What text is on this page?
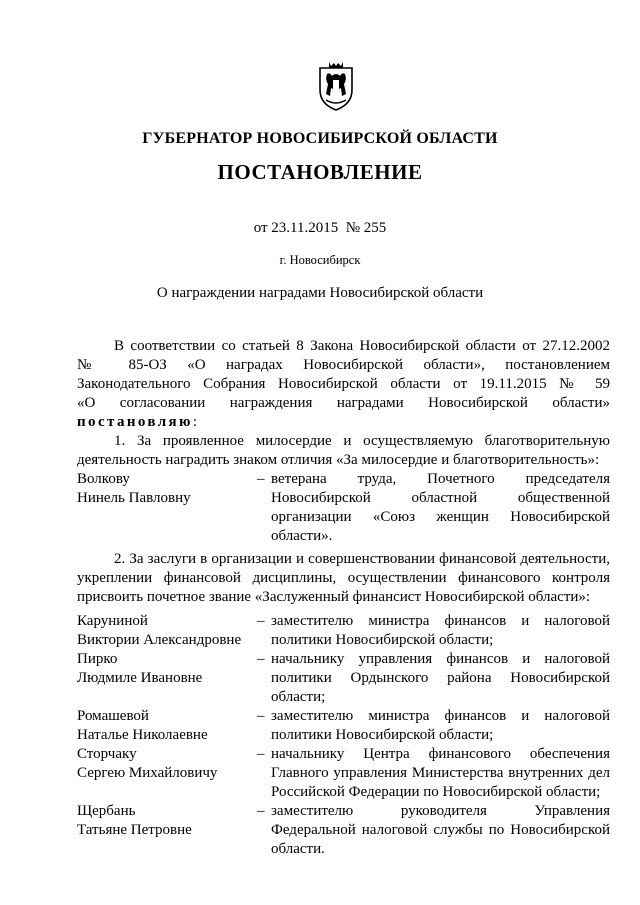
ГУБЕРНАТОР НОВОСИБИРСКОЙ ОБЛАСТИ
ПОСТАНОВЛЕНИЕ
от 23.11.2015  № 255
г. Новосибирск
О награждении наградами Новосибирской области

В соответствии со статьей 8 Закона Новосибирской области от 27.12.2002

№ 85-ОЗ «О наградах Новосибирской области», постановлением

Законодательного Собрания Новосибирской области от 19.11.2015 № 59

«О согласовании награждения наградами Новосибирской области»

постановляю:

1. За проявленное милосердие и осуществляемую благотворительную

деятельность наградить знаком отличия «За милосердие и благотворительность»:

Волкову
Нинель Павловну
– ветерана труда, Почетного председателя

Новосибирской областной общественной

организации «Союз женщин Новосибирской

области».

2. За заслуги в организации и совершенствовании финансовой деятельности,

укреплении финансовой дисциплины, осуществлении финансового контроля

присвоить почетное звание «Заслуженный финансист Новосибирской области»:

Каруниной
Виктории Александровне
– заместителю министра финансов и налоговой

политики Новосибирской области;

Пирко
Людмиле Ивановне
– начальнику управления финансов и налоговой

политики Ордынского района Новосибирской

области;

Ромашевой
Наталье Николаевне
– заместителю министра финансов и налоговой

политики Новосибирской области;

Сторчаку
Сергею Михайловичу
– начальнику Центра финансового обеспечения

Главного управления Министерства внутренних дел

Российской Федерации по Новосибирской области;

Щербань
Татьяне Петровне
– заместителю руководителя Управления

Федеральной налоговой службы по Новосибирской

области.
